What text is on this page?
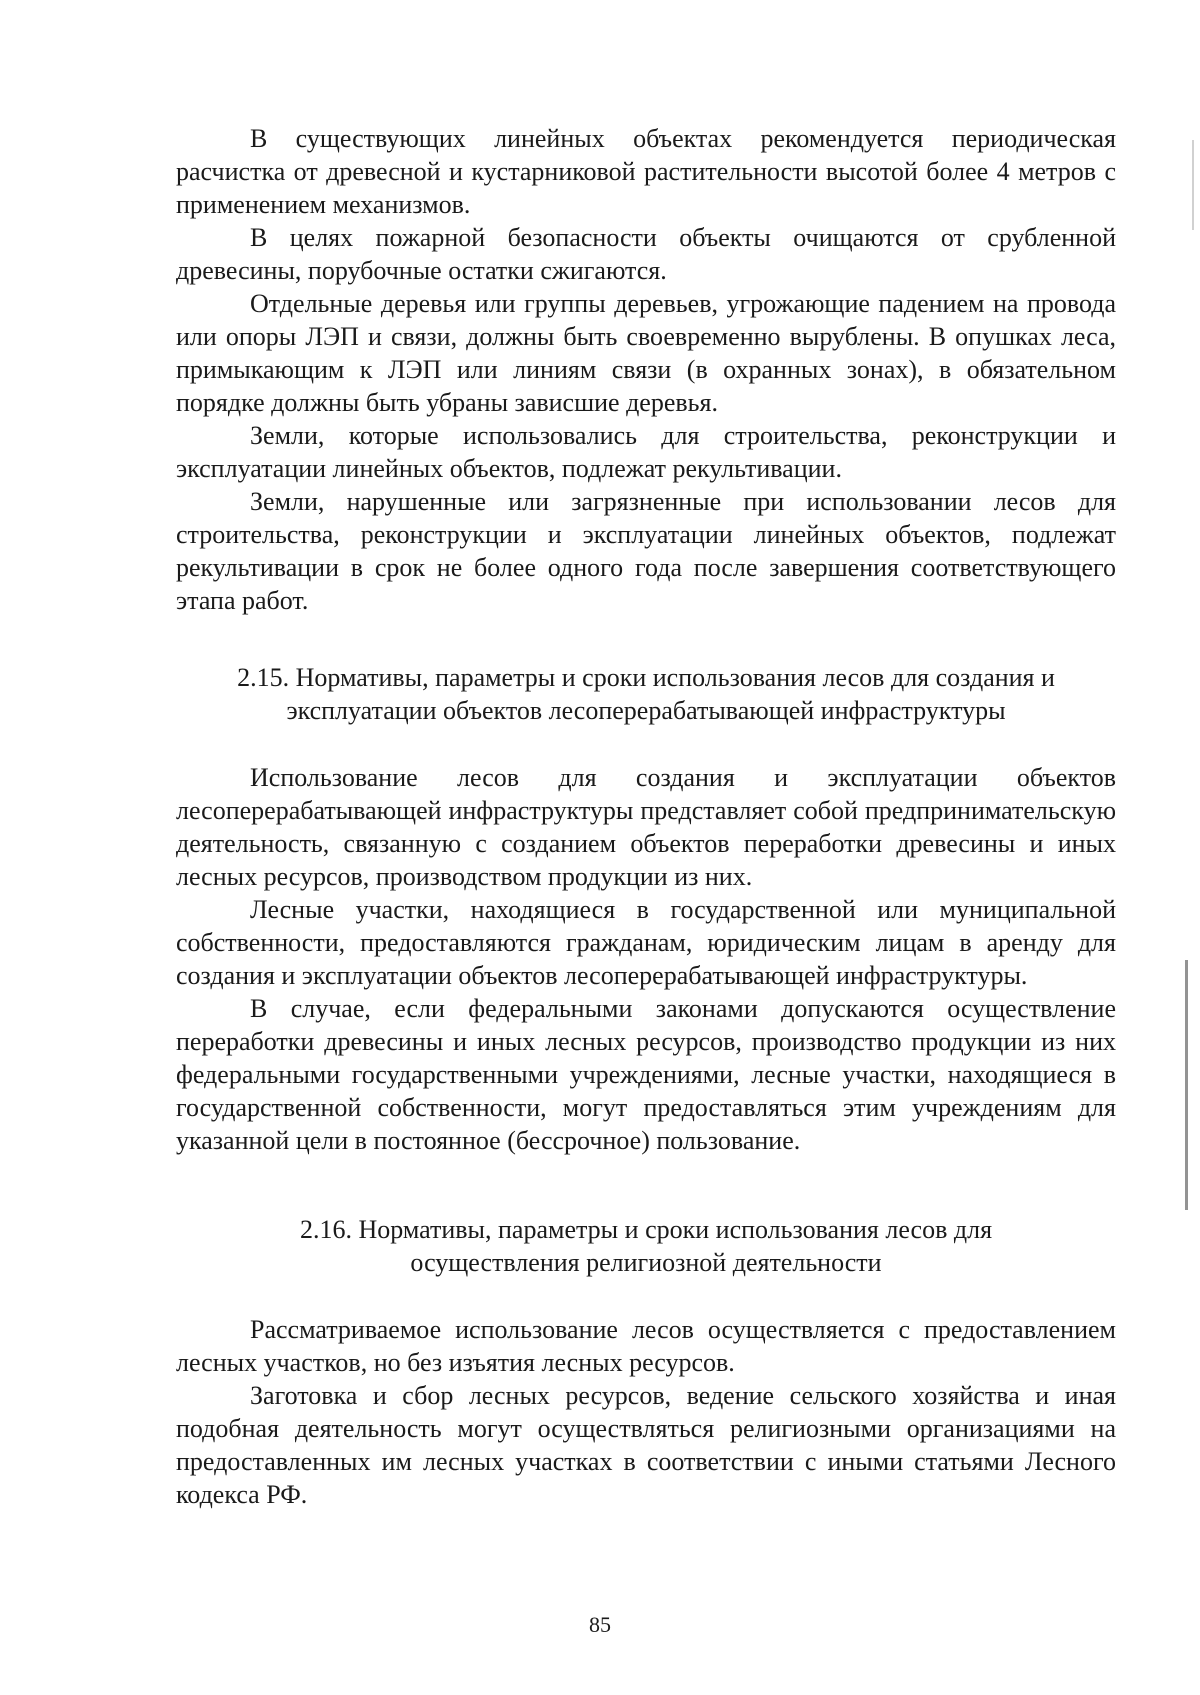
В существующих линейных объектах рекомендуется периодическая расчистка от древесной и кустарниковой растительности высотой более 4 метров с применением механизмов.

В целях пожарной безопасности объекты очищаются от срубленной древесины, порубочные остатки сжигаются.

Отдельные деревья или группы деревьев, угрожающие падением на провода или опоры ЛЭП и связи, должны быть своевременно вырублены. В опушках леса, примыкающим к ЛЭП или линиям связи (в охранных зонах), в обязательном порядке должны быть убраны зависшие деревья.

Земли, которые использовались для строительства, реконструкции и эксплуатации линейных объектов, подлежат рекультивации.

Земли, нарушенные или загрязненные при использовании лесов для строительства, реконструкции и эксплуатации линейных объектов, подлежат рекультивации в срок не более одного года после завершения соответствующего этапа работ.

2.15. Нормативы, параметры и сроки использования лесов для создания и эксплуатации объектов лесоперерабатывающей инфраструктуры

Использование лесов для создания и эксплуатации объектов лесоперерабатывающей инфраструктуры представляет собой предпринимательскую деятельность, связанную с созданием объектов переработки древесины и иных лесных ресурсов, производством продукции из них.

Лесные участки, находящиеся в государственной или муниципальной собственности, предоставляются гражданам, юридическим лицам в аренду для создания и эксплуатации объектов лесоперерабатывающей инфраструктуры.

В случае, если федеральными законами допускаются осуществление переработки древесины и иных лесных ресурсов, производство продукции из них федеральными государственными учреждениями, лесные участки, находящиеся в государственной собственности, могут предоставляться этим учреждениям для указанной цели в постоянное (бессрочное) пользование.

2.16. Нормативы, параметры и сроки использования лесов для осуществления религиозной деятельности

Рассматриваемое использование лесов осуществляется с предоставлением лесных участков, но без изъятия лесных ресурсов.

Заготовка и сбор лесных ресурсов, ведение сельского хозяйства и иная подобная деятельность могут осуществляться религиозными организациями на предоставленных им лесных участках в соответствии с иными статьями Лесного кодекса РФ.

85
